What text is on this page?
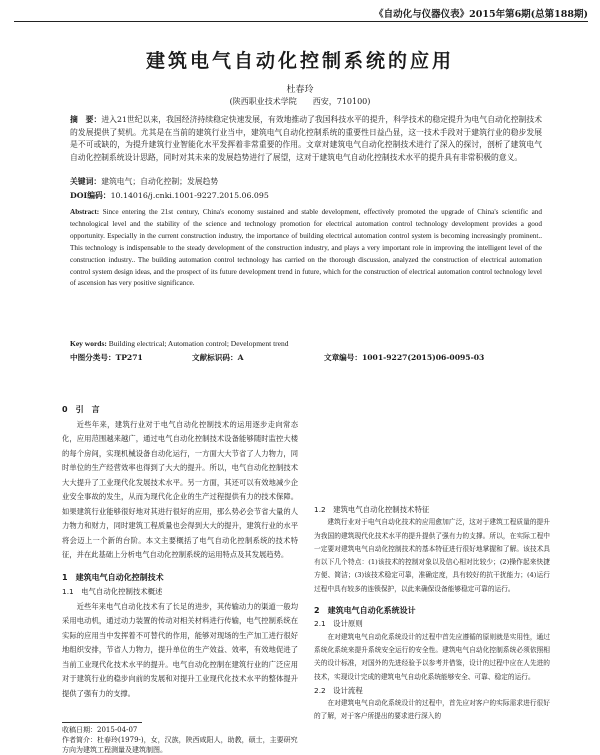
《自动化与仪器仪表》2015年第6期(总第188期)
建筑电气自动化控制系统的应用
杜春玲
(陕西职业技术学院　　西安，710100)
摘　要：进入21世纪以来，我国经济持续稳定快速发展，有效地推动了我国科技水平的提升，科学技术的稳定提升为电气自动化控制技术的发展提供了契机。尤其是在当前的建筑行业当中，建筑电气自动化控制系统的重要性日益凸显，这一技术手段对于建筑行业的稳步发展是不可或缺的，为提升建筑行业智能化水平发挥着非常重要的作用。文章对建筑电气自动化控制技术进行了深入的探讨，剖析了建筑电气自动化控制系统设计思路，同时对其未来的发展趋势进行了展望，这对于建筑电气自动化控制技术水平的提升具有非常积极的意义。
关键词：建筑电气；自动化控制；发展趋势
DOI编码：10.14016/j.cnki.1001-9227.2015.06.095
Abstract: Since entering the 21st century, China's economy sustained and stable development, effectively promoted the upgrade of China's scientific and technological level and the stability of the science and technology promotion for electrical automation control technology development provides a good opportunity. Especially in the current construction industry, the importance of building electrical automation control system is becoming increasingly prominent.. This technology is indispensable to the steady development of the construction industry, and plays a very important role in improving the intelligent level of the construction industry.. The building automation control technology has carried on the thorough discussion, analyzed the construction of electrical automation control system design ideas, and the prospect of its future development trend in future, which for the construction of electrical automation control technology level of ascension has very positive significance.
Key words: Building electrical; Automation control; Development trend
中图分类号：TP271	文献标识码：A	文章编号：1001-9227(2015)06-0095-03

0　引　言

近些年来，建筑行业对于电气自动化控制技术的运用逐步走向常态化，应用范围越来越广，通过电气自动化控制技术设备能够随时监控大楼的每个房间，实现机械设备自动化运行，一方面大大节省了人力物力，同时单位的生产经营效率也得到了大大的提升。所以，电气自动化控制技术大大提升了工业现代化发展技术水平。另一方面，其还可以有效地减少企业安全事故的发生，从而为现代化企业的生产过程提供有力的技术保障。如果建筑行业能够很好地对其进行很好的应用，那么势必会节省大量的人力物力和财力，同时建筑工程质量也会得到大大的提升，建筑行业的水平将会迈上一个新的台阶。本文主要概括了电气自动化控制系统的技术特征，并在此基础上分析电气自动化控制系统的运用特点及其发展趋势。

1　建筑电气自动化控制技术

1.1　电气自动化控制技术概述

近些年来电气自动化技术有了长足的进步，其传输动力的渠道一般均采用电动机，通过动力装置的传动对相关材料进行传输，电气控制系统在实际的应用当中发挥着不可替代的作用，能够对现场的生产加工进行很好地组织安排，节省人力物力，提升单位的生产效益、效率，有效地促进了当前工业现代化技术水平的提升。电气自动化控制在建筑行业的广泛应用对于建筑行业的稳步向前的发展和对提升工业现代化技术水平的整体提升提供了强有力的支撑。

1.2　建筑电气自动化控制技术特征

建筑行业对于电气自动化技术的应用愈加广泛，这对于建筑工程质量的提升为我国的建筑现代化技术水平的提升提供了强有力的支撑。所以，在实际工程中一定要对建筑电气自动化控制技术的基本特征进行很好地掌握和了解。该技术具有以下几个特点：(1)该技术的控制对象以及信心相对比较少；(2)操作起来快捷方便、简洁；(3)该技术稳定可靠，准确定度，具有较好的抗干扰能力；(4)运行过程中具有较多的连锁保护，以此来确保设备能够稳定可靠的运行。

2　建筑电气自动化系统设计

2.1　设计原则

在对建筑电气自动化系统设计的过程中首先应遵循的原则就是实用性，通过系统化系统来提升系统安全运行的安全性。建筑电气自动化控制系统必须依照相关的设计标准，对国外的先进经验予以参考并借鉴，设计的过程中应在人先进的技术，实现设计完成的建筑电气自动化系统能够安全、可靠、稳定的运行。

2.2　设计流程

在对建筑电气自动化系统设计的过程中，首先应对客户的实际需求进行很好的了解，对于客户所提出的要求进行深入的

收稿日期：2015-04-07
作者简介：杜春玲(1979-)，女，汉族，陕西咸阳人，助教，硕士，主要研究方向为建筑工程测量及建筑制图。
